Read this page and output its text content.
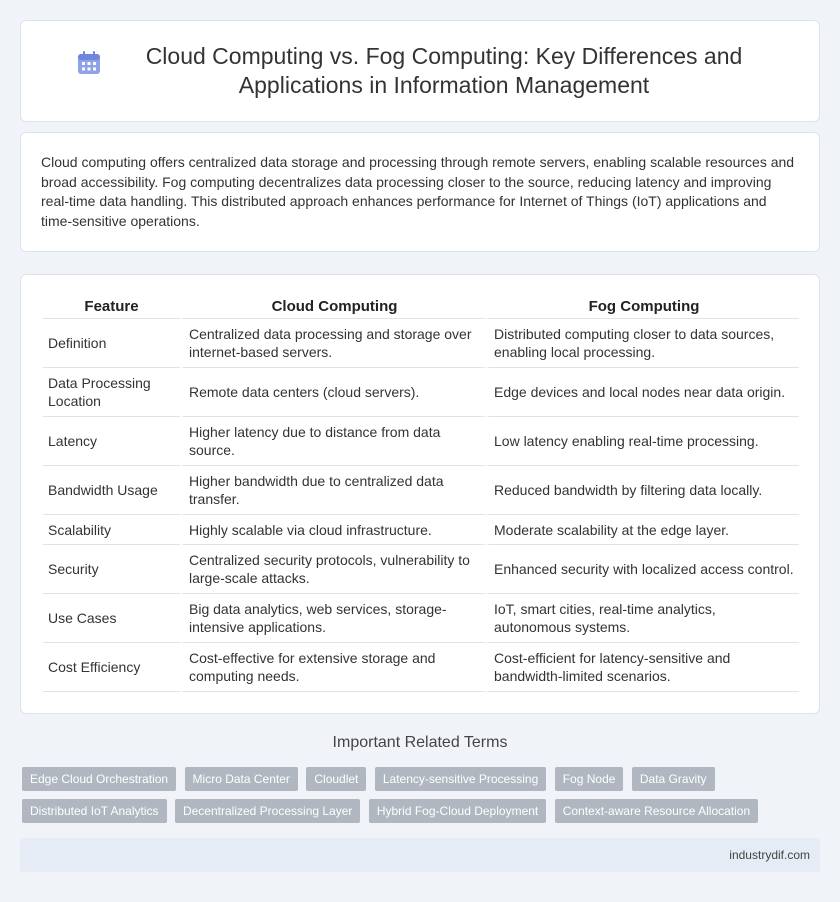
Cloud Computing vs. Fog Computing: Key Differences and Applications in Information Management

Cloud computing offers centralized data storage and processing through remote servers, enabling scalable resources and broad accessibility. Fog computing decentralizes data processing closer to the source, reducing latency and improving real-time data handling. This distributed approach enhances performance for Internet of Things (IoT) applications and time-sensitive operations.

Feature	Cloud Computing	Fog Computing
Definition	Centralized data processing and storage over internet-based servers.	Distributed computing closer to data sources, enabling local processing.
Data Processing Location	Remote data centers (cloud servers).	Edge devices and local nodes near data origin.
Latency	Higher latency due to distance from data source.	Low latency enabling real-time processing.
Bandwidth Usage	Higher bandwidth due to centralized data transfer.	Reduced bandwidth by filtering data locally.
Scalability	Highly scalable via cloud infrastructure.	Moderate scalability at the edge layer.
Security	Centralized security protocols, vulnerability to large-scale attacks.	Enhanced security with localized access control.
Use Cases	Big data analytics, web services, storage-intensive applications.	IoT, smart cities, real-time analytics, autonomous systems.
Cost Efficiency	Cost-effective for extensive storage and computing needs.	Cost-efficient for latency-sensitive and bandwidth-limited scenarios.
Important Related Terms
Edge Cloud Orchestration Micro Data Center Cloudlet Latency-sensitive Processing Fog Node Data Gravity
Distributed IoT Analytics Decentralized Processing Layer Hybrid Fog-Cloud Deployment Context-aware Resource Allocation
industrydif.com
